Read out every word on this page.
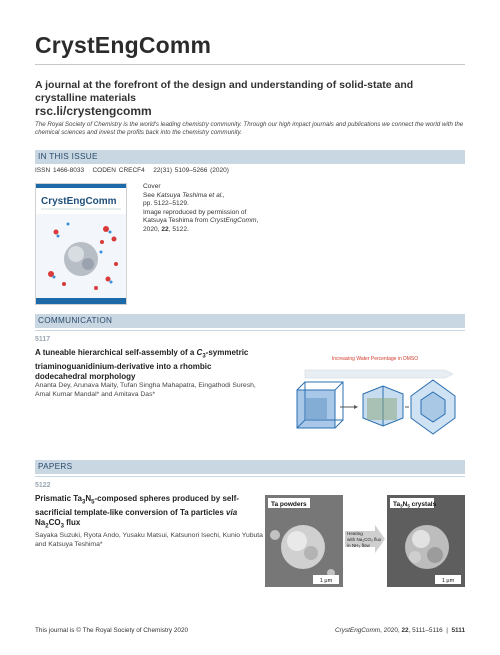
CrystEngComm
A journal at the forefront of the design and understanding of solid-state and crystalline materials
rsc.li/crystengcomm
The Royal Society of Chemistry is the world's leading chemistry community. Through our high impact journals and publications we connect the world with the chemical sciences and invest the profits back into the chemistry community.
IN THIS ISSUE
ISSN 1466-8033 CODEN CRECF4 22(31) 5109–5266 (2020)
CrystEngComm
Cover
See Katsuya Teshima et al.,
pp. 5122–5129.
Image reproduced by permission of Katsuya Teshima from CrystEngComm, 2020, 22, 5122.
COMMUNICATION
5117
A tuneable hierarchical self-assembly of a $C_3$-symmetric triaminoguanidinium-derivative into a rhombic dodecahedral morphology
Ananta Dey, Arunava Maity, Tufan Singha Mahapatra, Eingathodi Suresh, Amal Kumar Mandal* and Amitava Das*
Increasing Water Percentage in DMSO
PAPERS
5122
Prismatic $Ta_3N_5$-composed spheres produced by self-sacrificial template-like conversion of Ta particles via $Na_2CO_3$ flux
Sayaka Suzuki, Ryota Ando, Yusaku Matsui, Katsunori Isechi, Kunio Yubuta and Katsuya Teshima*
Ta powders
1 μm
Heating
with Na₂CO₃ flux
in NH₃ flow
$Ta_3N_5$ crystals
1 μm
This journal is © The Royal Society of Chemistry 2020	CrystEngComm, 2020, 22, 5111–5116 | 5111
